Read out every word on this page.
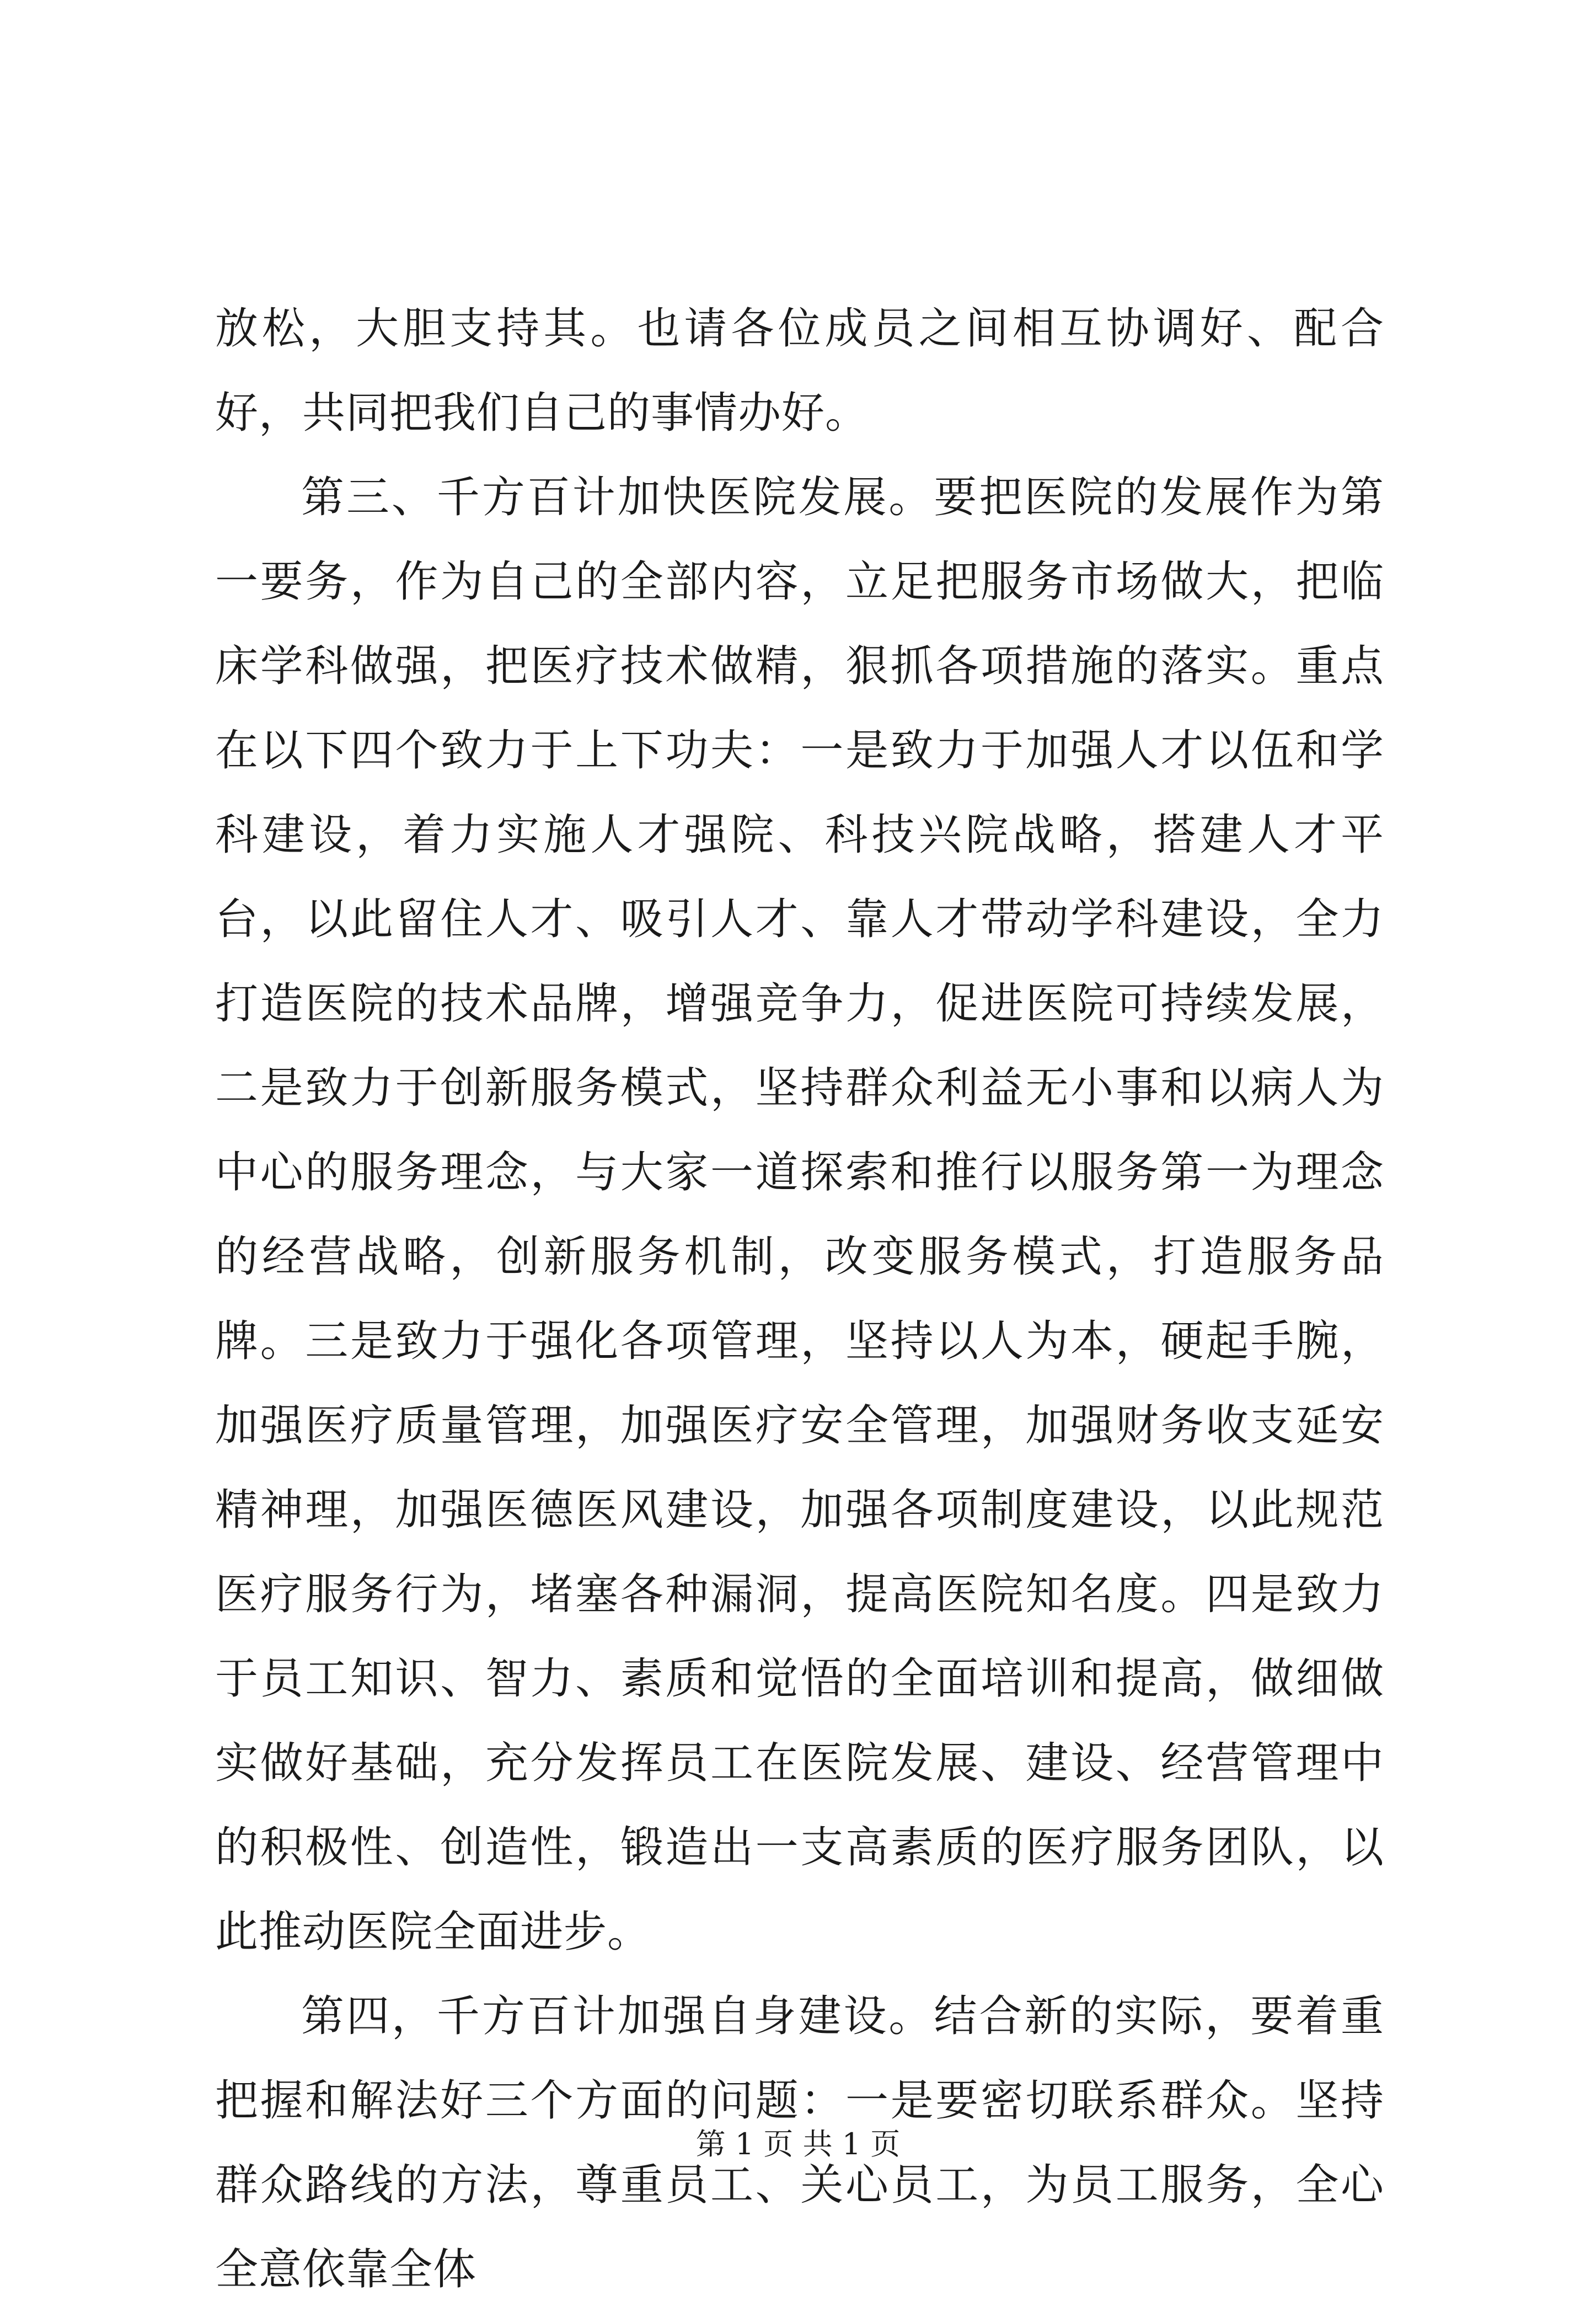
放松，大胆支持其。也请各位成员之间相互协调好、配合好，共同把我们自己的事情办好。

第三、千方百计加快医院发展。要把医院的发展作为第一要务，作为自己的全部内容，立足把服务市场做大，把临床学科做强，把医疗技术做精，狠抓各项措施的落实。重点在以下四个致力于上下功夫：一是致力于加强人才以伍和学科建设，着力实施人才强院、科技兴院战略，搭建人才平台，以此留住人才、吸引人才、靠人才带动学科建设，全力打造医院的技术品牌，增强竞争力，促进医院可持续发展，二是致力于创新服务模式，坚持群众利益无小事和以病人为中心的服务理念，与大家一道探索和推行以服务第一为理念的经营战略，创新服务机制，改变服务模式，打造服务品牌。三是致力于强化各项管理，坚持以人为本，硬起手腕，加强医疗质量管理，加强医疗安全管理，加强财务收支延安精神理，加强医德医风建设，加强各项制度建设，以此规范医疗服务行为，堵塞各种漏洞，提高医院知名度。四是致力于员工知识、智力、素质和觉悟的全面培训和提高，做细做实做好基础，充分发挥员工在医院发展、建设、经营管理中的积极性、创造性，锻造出一支高素质的医疗服务团队，以此推动医院全面进步。

第四，千方百计加强自身建设。结合新的实际，要着重把握和解法好三个方面的问题：一是要密切联系群众。坚持群众路线的方法，尊重员工、关心员工，为员工服务，全心全意依靠全体

第 1 页 共 1 页
